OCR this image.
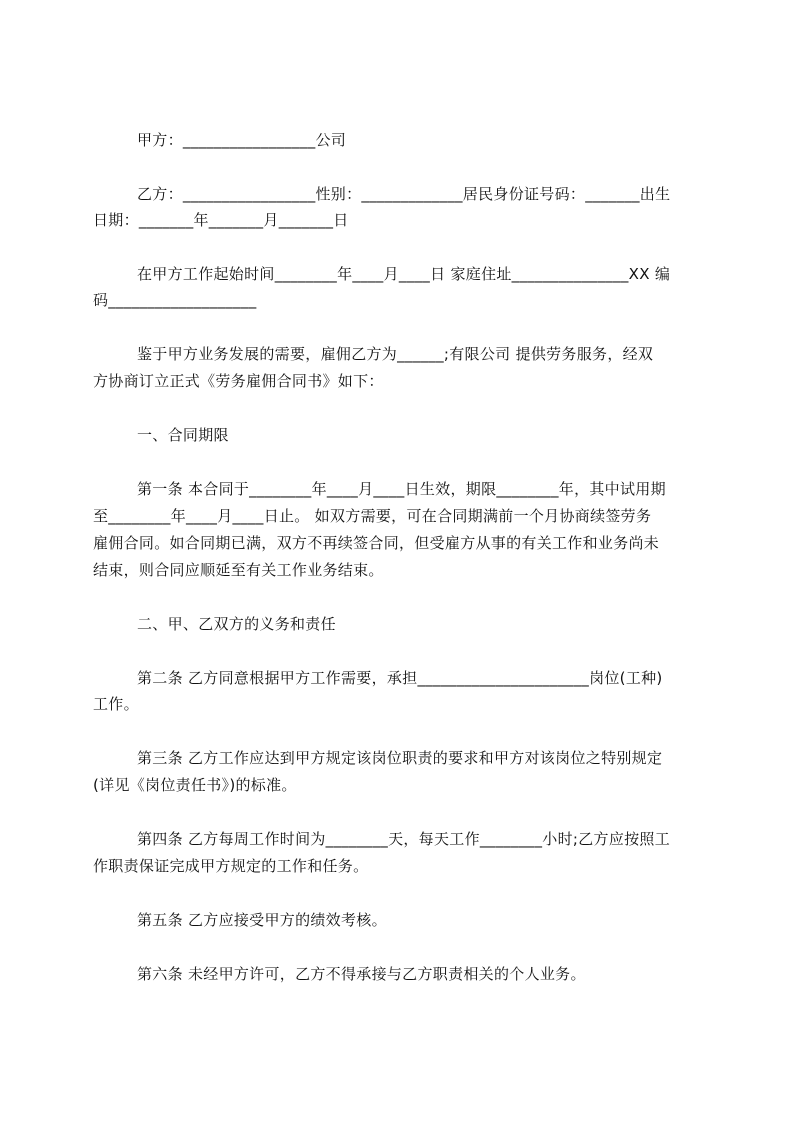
甲方：_________________公司

乙方：_________________性别：_____________居民身份证号码：_______出生

日期：_______年_______月_______日

在甲方工作起始时间________年____月____日 家庭住址_______________XX 编

码___________________

鉴于甲方业务发展的需要，雇佣乙方为______;有限公司 提供劳务服务，经双

方协商订立正式《劳务雇佣合同书》如下：

一、合同期限

第一条 本合同于________年____月____日生效，期限________年，其中试用期

至________年____月____日止。 如双方需要，可在合同期满前一个月协商续签劳务

雇佣合同。如合同期已满，双方不再续签合同，但受雇方从事的有关工作和业务尚未

结束，则合同应顺延至有关工作业务结束。

二、甲、乙双方的义务和责任

第二条 乙方同意根据甲方工作需要，承担______________________岗位(工种)

工作。

第三条 乙方工作应达到甲方规定该岗位职责的要求和甲方对该岗位之特别规定

(详见《岗位责任书》)的标准。

第四条 乙方每周工作时间为________天，每天工作________小时;乙方应按照工

作职责保证完成甲方规定的工作和任务。

第五条 乙方应接受甲方的绩效考核。

第六条 未经甲方许可，乙方不得承接与乙方职责相关的个人业务。
